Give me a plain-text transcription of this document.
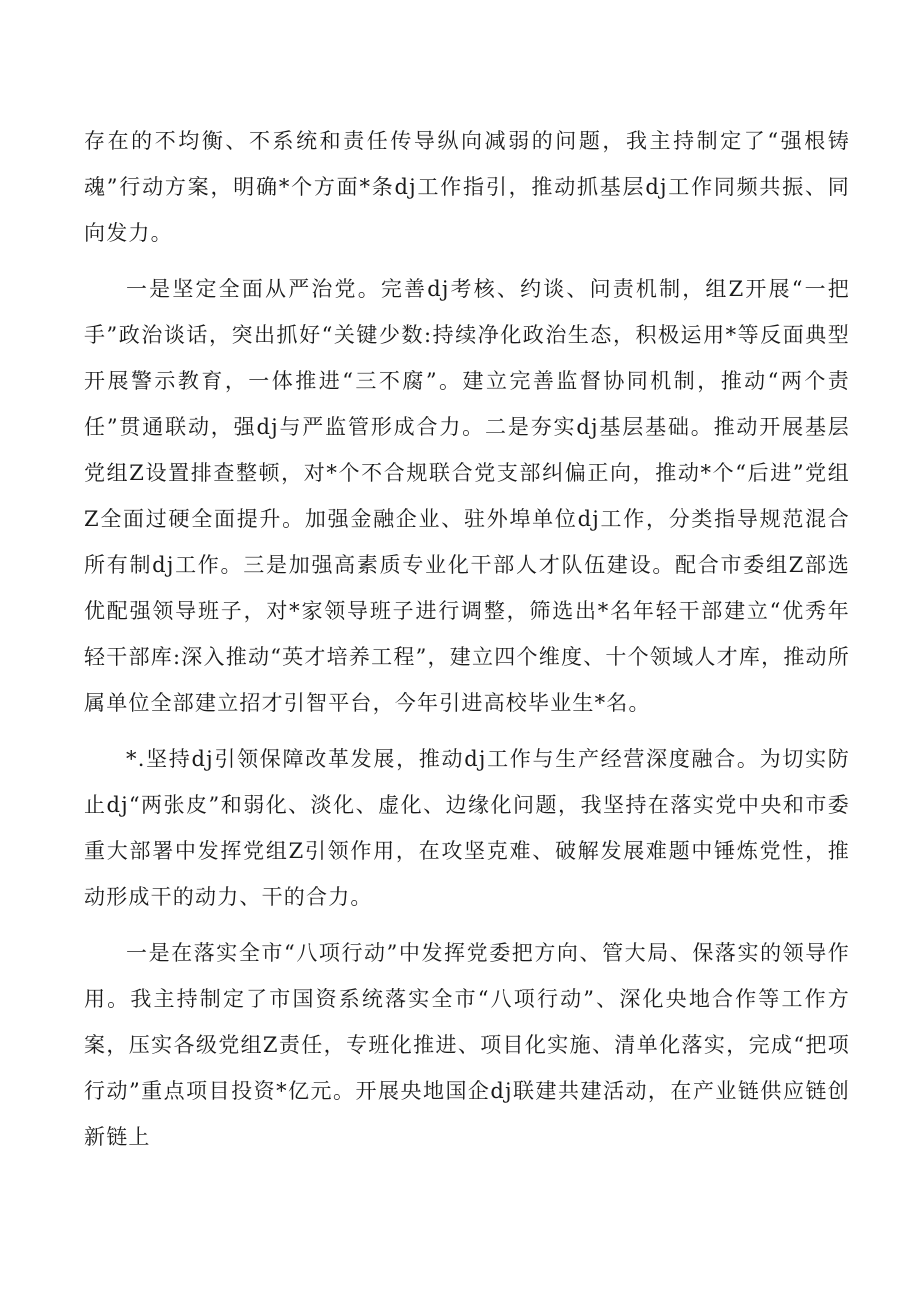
存在的不均衡、不系统和责任传导纵向减弱的问题，我主持制定了“强根铸魂”行动方案，明确*个方面*条dj工作指引，推动抓基层dj工作同频共振、同向发力。

一是坚定全面从严治党。完善dj考核、约谈、问责机制，组Z开展“一把手”政治谈话，突出抓好“关键少数:持续净化政治生态，积极运用*等反面典型开展警示教育，一体推进“三不腐”。建立完善监督协同机制，推动“两个责任”贯通联动，强dj与严监管形成合力。二是夯实dj基层基础。推动开展基层党组Z设置排查整顿，对*个不合规联合党支部纠偏正向，推动*个“后进”党组Z全面过硬全面提升。加强金融企业、驻外埠单位dj工作，分类指导规范混合所有制dj工作。三是加强高素质专业化干部人才队伍建设。配合市委组Z部选优配强领导班子，对*家领导班子进行调整，筛选出*名年轻干部建立“优秀年轻干部库:深入推动“英才培养工程”，建立四个维度、十个领域人才库，推动所属单位全部建立招才引智平台，今年引进高校毕业生*名。

*.坚持dj引领保障改革发展，推动dj工作与生产经营深度融合。为切实防止dj“两张皮”和弱化、淡化、虚化、边缘化问题，我坚持在落实党中央和市委重大部署中发挥党组Z引领作用，在攻坚克难、破解发展难题中锤炼党性，推动形成干的动力、干的合力。

一是在落实全市“八项行动”中发挥党委把方向、管大局、保落实的领导作用。我主持制定了市国资系统落实全市“八项行动”、深化央地合作等工作方案，压实各级党组Z责任，专班化推进、项目化实施、清单化落实，完成“把项行动”重点项目投资*亿元。开展央地国企dj联建共建活动，在产业链供应链创新链上
